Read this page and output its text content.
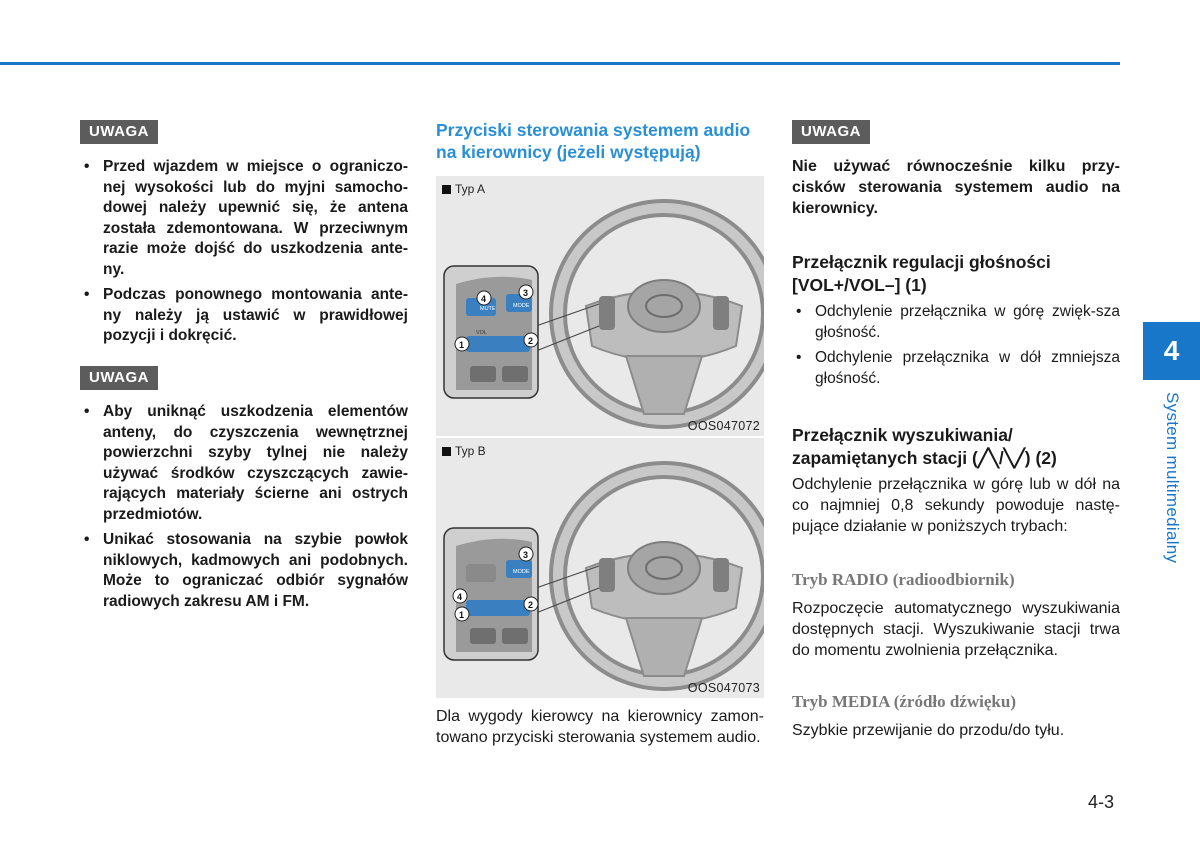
UWAGA
• Przed wjazdem w miejsce o ograniczo-nej wysokości lub do myjni samocho-dowej należy upewnić się, że antena została zdemontowana. W przeciwnym razie może dojść do uszkodzenia ante-ny.
• Podczas ponownego montowania ante-ny należy ją ustawić w prawidłowej pozycji i dokręcić.
UWAGA
• Aby uniknąć uszkodzenia elementów anteny, do czyszczenia wewnętrznej powierzchni szyby tylnej nie należy używać środków czyszczących zawie-rających materiały ścierne ani ostrych przedmiotów.
• Unikać stosowania na szybie powłok niklowych, kadmowych ani podobnych. Może to ograniczać odbiór sygnałów radiowych zakresu AM i FM.
Przyciski sterowania systemem audio na kierownicy (jeżeli występują)
MUTE	MODE
VOL
4
3
1	2
Typ A
OOS047072
MODE
3
4
2
1
Typ B
OOS047073

Dla wygody kierowcy na kierownicy zamon-towano przyciski sterowania systemem audio.

UWAGA

Nie używać równocześnie kilku przy-cisków sterowania systemem audio na kierownicy.

Przełącznik regulacji głośności [VOL+/VOL–] (1)
• Odchylenie przełącznika w górę zwięk-sza głośność.
• Odchylenie przełącznika w dół zmniejsza głośność.
Przełącznik wyszukiwania/ zapamiętanych stacji (╱╲/╲╱) (2)

Odchylenie przełącznika w górę lub w dół na co najmniej 0,8 sekundy powoduje nastę-pujące działanie w poniższych trybach:

Tryb RADIO (radioodbiornik)

Rozpoczęcie automatycznego wyszukiwania dostępnych stacji. Wyszukiwanie stacji trwa do momentu zwolnienia przełącznika.

Tryb MEDIA (źródło dźwięku)

Szybkie przewijanie do przodu/do tyłu.

4
System multimedialny
4-3
